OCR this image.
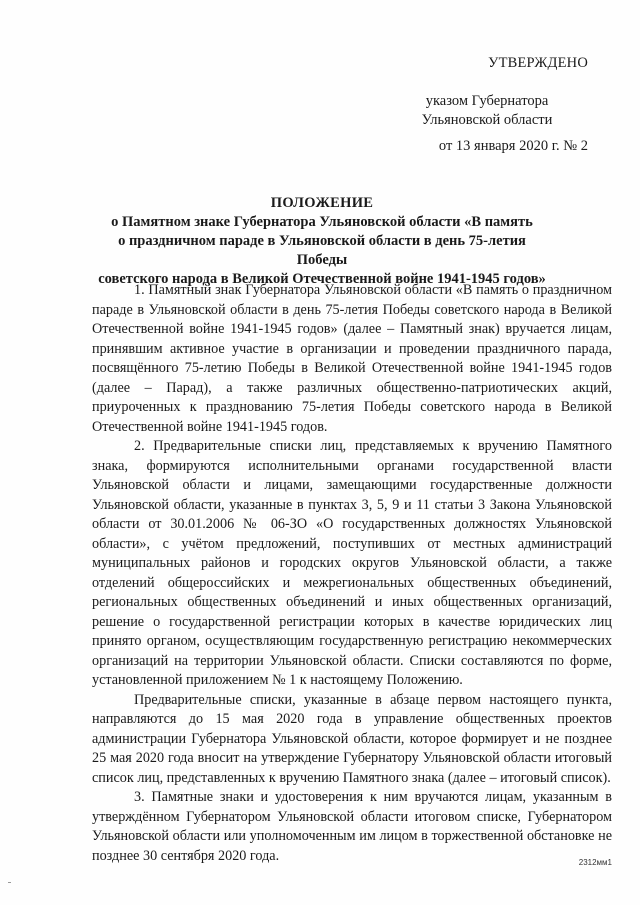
УТВЕРЖДЕНО
указом Губернатора Ульяновской области
от 13 января 2020 г. № 2
ПОЛОЖЕНИЕ
о Памятном знаке Губернатора Ульяновской области «В память
о праздничном параде в Ульяновской области в день 75-летия Победы
советского народа в Великой Отечественной войне 1941-1945 годов»

1. Памятный знак Губернатора Ульяновской области «В память о праздничном параде в Ульяновской области в день 75-летия Победы советского народа в Великой Отечественной войне 1941-1945 годов» (далее – Памятный знак) вручается лицам, принявшим активное участие в организации и проведении праздничного парада, посвящённого 75-летию Победы в Великой Отечественной войне 1941-1945 годов (далее – Парад), а также различных общественно-патриотических акций, приуроченных к празднованию 75-летия Победы советского народа в Великой Отечественной войне 1941-1945 годов.

2. Предварительные списки лиц, представляемых к вручению Памятного знака, формируются исполнительными органами государственной власти Ульяновской области и лицами, замещающими государственные должности Ульяновской области, указанные в пунктах 3, 5, 9 и 11 статьи 3 Закона Ульяновской области от 30.01.2006 № 06-ЗО «О государственных должностях Ульяновской области», с учётом предложений, поступивших от местных администраций муниципальных районов и городских округов Ульяновской области, а также отделений общероссийских и межрегиональных общественных объединений, региональных общественных объединений и иных общественных организаций, решение о государственной регистрации которых в качестве юридических лиц принято органом, осуществляющим государственную регистрацию некоммерческих организаций на территории Ульяновской области. Списки составляются по форме, установленной приложением № 1 к настоящему Положению.

Предварительные списки, указанные в абзаце первом настоящего пункта, направляются до 15 мая 2020 года в управление общественных проектов администрации Губернатора Ульяновской области, которое формирует и не позднее 25 мая 2020 года вносит на утверждение Губернатору Ульяновской области итоговый список лиц, представленных к вручению Памятного знака (далее – итоговый список).

3. Памятные знаки и удостоверения к ним вручаются лицам, указанным в утверждённом Губернатором Ульяновской области итоговом списке, Губернатором Ульяновской области или уполномоченным им лицом в торжественной обстановке не позднее 30 сентября 2020 года.	2312мм1
